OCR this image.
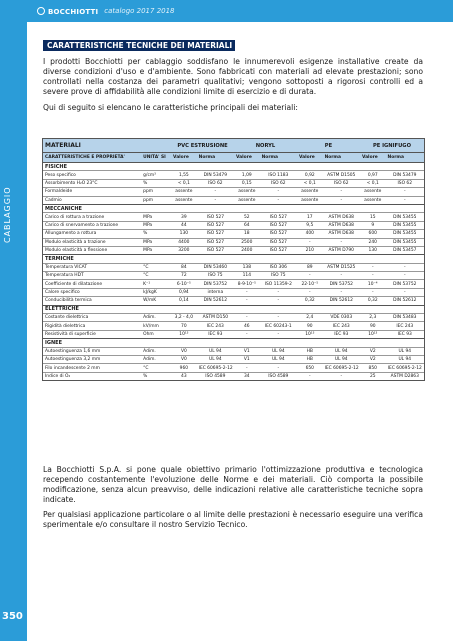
CABLAGGIO
350
BOCCHIOTTI catalogo 2017 2018
CARATTERISTICHE TECNICHE DEI MATERIALI
I prodotti Bocchiotti per cablaggio soddisfano le innumerevoli esigenze installative create da diverse condizioni d'uso e d'ambiente. Sono fabbricati con materiali ad elevate prestazioni; sono controllati nella costanza dei parametri qualitativi; vengono sottoposti a rigorosi controlli ed a severe prove di affidabilità alle condizioni limite di esercizio e di durata.
Qui di seguito si elencano le caratteristiche principali dei materiali:
MATERIALI		PVC ESTRUSIONE		NORYL		PE		PE IGNIFUGO	
CARATTERISTICHE E PROPRIETA'	UNITA' SI	Valore	Norma	Valore	Norma	Valore	Norma	Valore	Norma
FISICHE									
Peso specifico	g/cm³	1,55	DIN 53479	1,09	ISO 1183	0,92	ASTM D1505	0,97	DIN 53479
Assorbimento H₂O 23°C	%	< 0,1	ISO 62	0,15	ISO 62	< 0,1	ISO 62	< 0,1	ISO 62
Formaldeide	ppm	assente	-	assente	-	assente	-	assente	-
Cadmio	ppm	assente	-	assente	-	assente	-	assente	-
MECCANICHE									
Carico di rottura a trazione	MPa	39	ISO 527	52	ISO 527	17	ASTM D638	15	DIN 53455
Carico di snervamento a trazione	MPa	44	ISO 527	64	ISO 527	9,5	ASTM D638	9	DIN 53455
Allungamento a rottura	%	130	ISO 527	18	ISO 527	400	ASTM D638	600	DIN 53455
Modulo elasticità a trazione	MPa	4400	ISO 527	2500	ISO 527	-	-	240	DIN 53455
Modulo elasticità a flessione	MPa	3200	ISO 527	2400	ISO 527	210	ASTM D790	130	DIN 53457
TERMICHE									
Temperatura VICAT	°C	84	DIN 53460	138	ISO 306	89	ASTM D1525	-	-
Temperatura HDT	°C	72	ISO 75	114	ISO 75	-	-	-	-
Coefficiente di dilatazione	K⁻¹	6·10⁻⁵	DIN 53752	8-9·10⁻⁵	ISO 11359-2	22·10⁻⁵	DIN 53752	10⁻⁴	DIN 53752
Calore specifico	kJ/kgK	0,94	interna	-	-	-	-	-	-
Conducibilità termica	W/mK	0,14	DIN 52612	-	-	0,32	DIN 52612	0,32	DIN 52612
ELETTRICHE									
Costante dielettrica	Adim.	3,2 - 4,0	ASTM D150	-	-	2,4	VDE 0303	2,3	DIN 53483
Rigidità dielettrica	kV/mm	70	IEC 243	46	IEC 60243-1	90	IEC 243	90	IEC 243
Resistività di superficie	Ohm	10¹³	IEC 93	-	-	10¹³	IEC 93	10¹³	IEC 93
IGNEE									
Autoestinguenza 1,6 mm	Adim.	V0	UL 94	V1	UL 94	HB	UL 94	V2	UL 94
Autoestinguenza 3,2 mm	Adim.	V0	UL 94	V1	UL 94	HB	UL 94	V2	UL 94
Filo incandescente 2 mm	°C	960	IEC 60695-2-12	-	-	650	IEC 60695-2-12	850	IEC 60695-2-12
Indice di O₂	%	43	ISO 4589	34	ISO 4589	-	-	25	ASTM D2863
La Bocchiotti S.p.A. si pone quale obiettivo primario l'ottimizzazione produttiva e tecnologica recependo costantemente l'evoluzione delle Norme e dei materiali. Ciò comporta la possibile modificazione, senza alcun preavviso, delle indicazioni relative alle caratteristiche tecniche sopra indicate.
Per qualsiasi applicazione particolare o al limite delle prestazioni è necessario eseguire una verifica sperimentale e/o consultare il nostro Servizio Tecnico.
